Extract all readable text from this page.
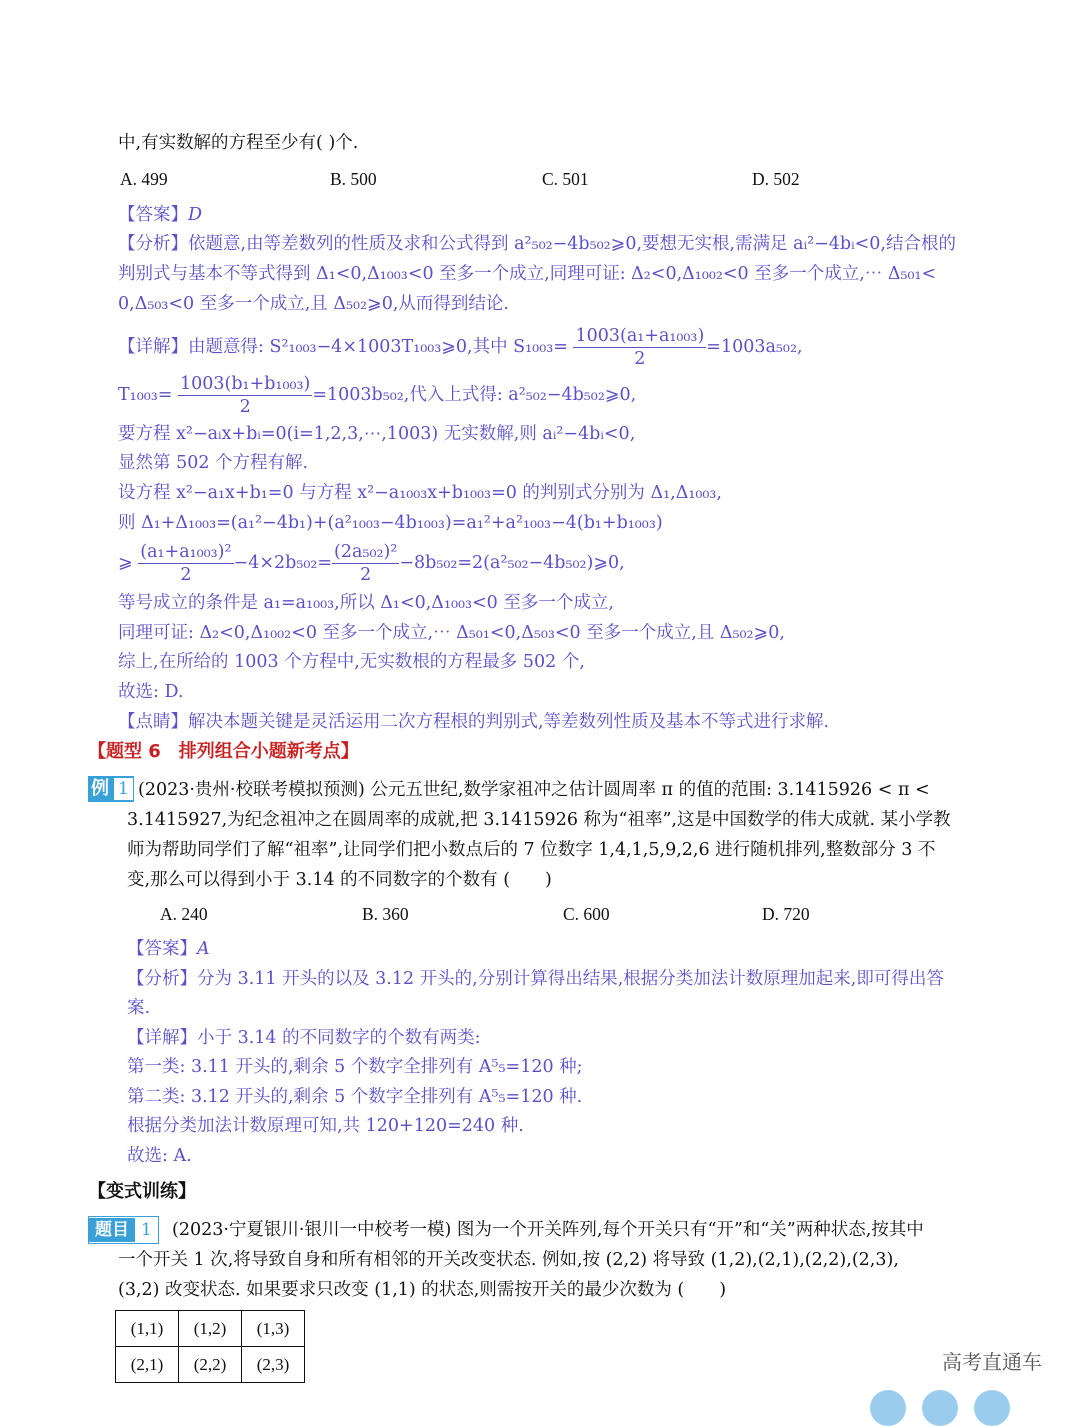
中,有实数解的方程至少有( )个.
A. 499	B. 500	C. 501	D. 502
【答案】D
【分析】依题意,由等差数列的性质及求和公式得到 a²₅₀₂−4b₅₀₂⩾0,要想无实根,需满足 aᵢ²−4bᵢ<0,结合根的
判别式与基本不等式得到 Δ₁<0,Δ₁₀₀₃<0 至多一个成立,同理可证: Δ₂<0,Δ₁₀₀₂<0 至多一个成立,⋯ Δ₅₀₁<
0,Δ₅₀₃<0 至多一个成立,且 Δ₅₀₂⩾0,从而得到结论.
【详解】由题意得: S²₁₀₀₃−4×1003T₁₀₀₃⩾0,其中 $S_{1003}= \frac{\text{1003(a₁+a₁₀₀₃)}}{2} =1003a_{502}$,
$T_{1003}= \frac{\text{1003(b₁+b₁₀₀₃)}}{2} =1003b_{502}$,代入上式得: a²₅₀₂−4b₅₀₂⩾0,
要方程 x²−aᵢx+bᵢ=0(i=1,2,3,⋯,1003) 无实数解,则 aᵢ²−4bᵢ<0,
显然第 502 个方程有解.
设方程 x²−a₁x+b₁=0 与方程 x²−a₁₀₀₃x+b₁₀₀₃=0 的判别式分别为 Δ₁,Δ₁₀₀₃,
则 Δ₁+Δ₁₀₀₃=(a₁²−4b₁)+(a²₁₀₀₃−4b₁₀₀₃)=a₁²+a²₁₀₀₃−4(b₁+b₁₀₀₃)
⩾ $\frac{\text{(a₁+a₁₀₀₃)²}}{2} -4\times 2b_{502}= \frac{\text{(2a₅₀₂)²}}{2}$ −8b₅₀₂=2(a²₅₀₂−4b₅₀₂)⩾0,
等号成立的条件是 a₁=a₁₀₀₃,所以 Δ₁<0,Δ₁₀₀₃<0 至多一个成立,
同理可证: Δ₂<0,Δ₁₀₀₂<0 至多一个成立,⋯ Δ₅₀₁<0,Δ₅₀₃<0 至多一个成立,且 Δ₅₀₂⩾0,
综上,在所给的 1003 个方程中,无实数根的方程最多 502 个,
故选: D.
【点睛】解决本题关键是灵活运用二次方程根的判别式,等差数列性质及基本不等式进行求解.
【题型 6　排列组合小题新考点】
例 1 (2023·贵州·校联考模拟预测) 公元五世纪,数学家祖冲之估计圆周率 π 的值的范围: 3.1415926 < π <
3.1415927,为纪念祖冲之在圆周率的成就,把 3.1415926 称为“祖率”,这是中国数学的伟大成就. 某小学教
师为帮助同学们了解“祖率”,让同学们把小数点后的 7 位数字 1,4,1,5,9,2,6 进行随机排列,整数部分 3 不
变,那么可以得到小于 3.14 的不同数字的个数有 (　　)
A. 240	B. 360	C. 600	D. 720
【答案】A
【分析】分为 3.11 开头的以及 3.12 开头的,分别计算得出结果,根据分类加法计数原理加起来,即可得出答
案.
【详解】小于 3.14 的不同数字的个数有两类:
第一类: 3.11 开头的,剩余 5 个数字全排列有 A⁵₅=120 种;
第二类: 3.12 开头的,剩余 5 个数字全排列有 A⁵₅=120 种.
根据分类加法计数原理可知,共 120+120=240 种.
故选: A.
【变式训练】
题目 1	(2023·宁夏银川·银川一中校考一模) 图为一个开关阵列,每个开关只有“开”和“关”两种状态,按其中
一个开关 1 次,将导致自身和所有相邻的开关改变状态. 例如,按 (2,2) 将导致 (1,2),(2,1),(2,2),(2,3),
(3,2) 改变状态. 如果要求只改变 (1,1) 的状态,则需按开关的最少次数为 (　　)
(1,1)	(1,2)	(1,3)
(2,1)	(2,2)	(2,3)	高考直通车
